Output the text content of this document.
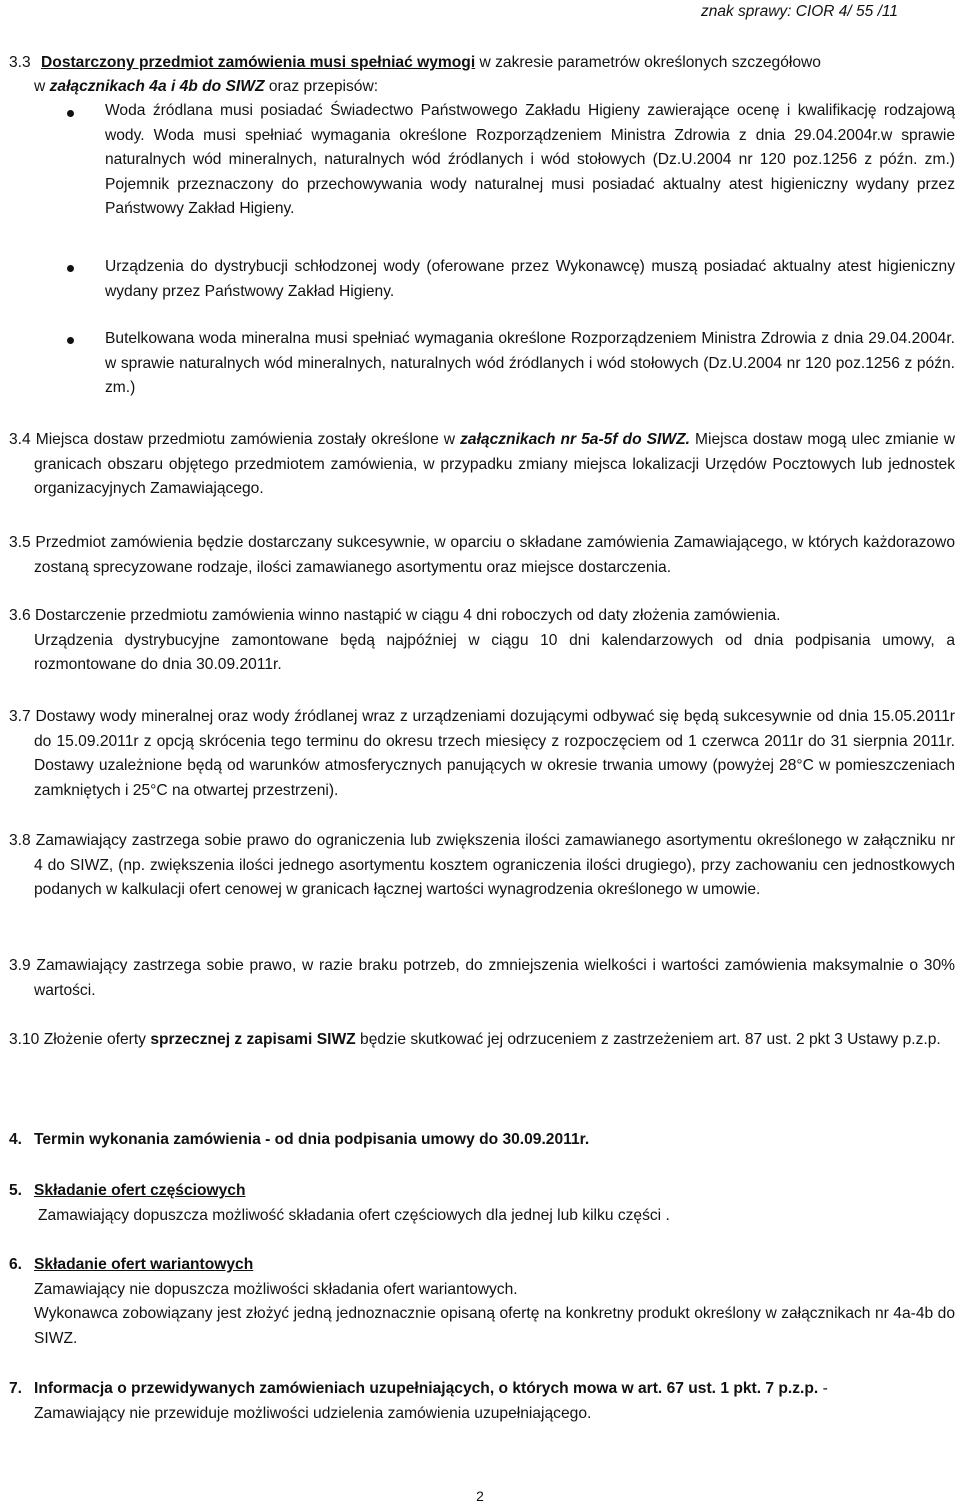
znak sprawy: CIOR 4/ 55 /11
3.3 Dostarczony przedmiot zamówienia musi spełniać wymogi w zakresie parametrów określonych szczegółowo
w załącznikach 4a i 4b do SIWZ oraz przepisów:
Woda źródlana musi posiadać Świadectwo Państwowego Zakładu Higieny zawierające ocenę i kwalifikację rodzajową wody. Woda musi spełniać wymagania określone Rozporządzeniem Ministra Zdrowia z dnia 29.04.2004r.w sprawie naturalnych wód mineralnych, naturalnych wód źródlanych i wód stołowych (Dz.U.2004 nr 120 poz.1256 z późn. zm.) Pojemnik przeznaczony do przechowywania wody naturalnej musi posiadać aktualny atest higieniczny wydany przez Państwowy Zakład Higieny.
Urządzenia do dystrybucji schłodzonej wody (oferowane przez Wykonawcę) muszą posiadać aktualny atest higieniczny wydany przez Państwowy Zakład Higieny.
Butelkowana woda mineralna musi spełniać wymagania określone Rozporządzeniem Ministra Zdrowia z dnia 29.04.2004r. w sprawie naturalnych wód mineralnych, naturalnych wód źródlanych i wód stołowych (Dz.U.2004 nr 120 poz.1256 z późn. zm.)
3.4 Miejsca dostaw przedmiotu zamówienia zostały określone w załącznikach nr 5a-5f do SIWZ. Miejsca dostaw mogą ulec zmianie w granicach obszaru objętego przedmiotem zamówienia, w przypadku zmiany miejsca lokalizacji Urzędów Pocztowych lub jednostek organizacyjnych Zamawiającego.
3.5 Przedmiot zamówienia będzie dostarczany sukcesywnie, w oparciu o składane zamówienia Zamawiającego, w których każdorazowo zostaną sprecyzowane rodzaje, ilości zamawianego asortymentu oraz miejsce dostarczenia.
3.6 Dostarczenie przedmiotu zamówienia winno nastąpić w ciągu 4 dni roboczych od daty złożenia zamówienia.
Urządzenia dystrybucyjne zamontowane będą najpóźniej w ciągu 10 dni kalendarzowych od dnia podpisania umowy, a rozmontowane do dnia 30.09.2011r.
3.7 Dostawy wody mineralnej oraz wody źródlanej wraz z urządzeniami dozującymi odbywać się będą sukcesywnie od dnia 15.05.2011r do 15.09.2011r z opcją skrócenia tego terminu do okresu trzech miesięcy z rozpoczęciem od 1 czerwca 2011r do 31 sierpnia 2011r. Dostawy uzależnione będą od warunków atmosferycznych panujących w okresie trwania umowy (powyżej 28°C w pomieszczeniach zamkniętych i 25°C na otwartej przestrzeni).
3.8 Zamawiający zastrzega sobie prawo do ograniczenia lub zwiększenia ilości zamawianego asortymentu określonego w załączniku nr 4 do SIWZ, (np. zwiększenia ilości jednego asortymentu kosztem ograniczenia ilości drugiego), przy zachowaniu cen jednostkowych podanych w kalkulacji ofert cenowej w granicach łącznej wartości wynagrodzenia określonego w umowie.
3.9 Zamawiający zastrzega sobie prawo, w razie braku potrzeb, do zmniejszenia wielkości i wartości zamówienia maksymalnie o 30% wartości.
3.10 Złożenie oferty sprzecznej z zapisami SIWZ będzie skutkować jej odrzuceniem z zastrzeżeniem art. 87 ust. 2 pkt 3 Ustawy p.z.p.
4. Termin wykonania zamówienia - od dnia podpisania umowy do 30.09.2011r.
5. Składanie ofert częściowych
Zamawiający dopuszcza możliwość składania ofert częściowych dla jednej lub kilku części .
6. Składanie ofert wariantowych
Zamawiający nie dopuszcza możliwości składania ofert wariantowych.
Wykonawca zobowiązany jest złożyć jedną jednoznacznie opisaną ofertę na konkretny produkt określony w załącznikach nr 4a-4b do SIWZ.
7. Informacja o przewidywanych zamówieniach uzupełniających, o których mowa w art. 67 ust. 1 pkt. 7 p.z.p. -
Zamawiający nie przewiduje możliwości udzielenia zamówienia uzupełniającego.
2
